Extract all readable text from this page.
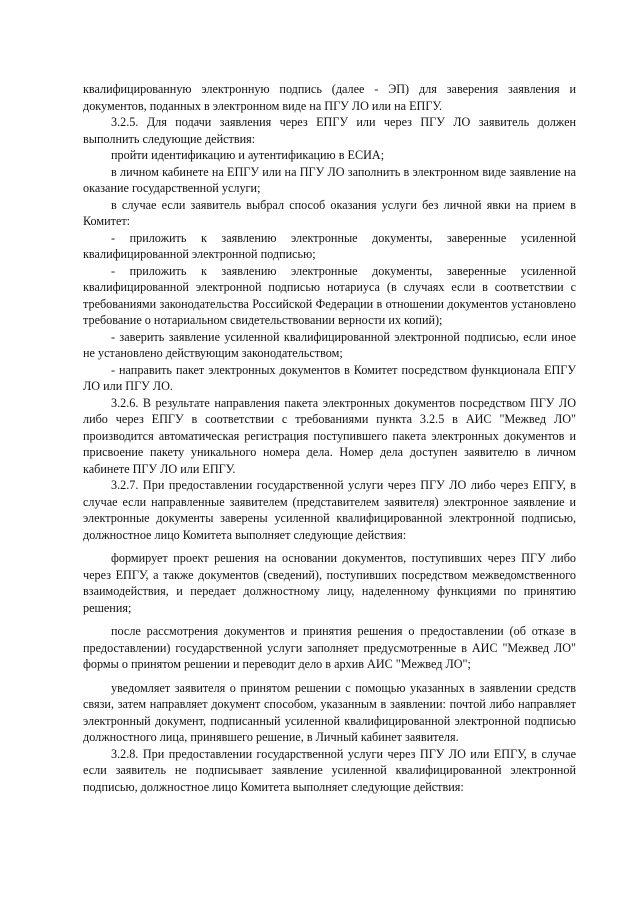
квалифицированную электронную подпись (далее - ЭП) для заверения заявления и документов, поданных в электронном виде на ПГУ ЛО или на ЕПГУ.

3.2.5. Для подачи заявления через ЕПГУ или через ПГУ ЛО заявитель должен выполнить следующие действия:

пройти идентификацию и аутентификацию в ЕСИА;

в личном кабинете на ЕПГУ или на ПГУ ЛО заполнить в электронном виде заявление на оказание государственной услуги;

в случае если заявитель выбрал способ оказания услуги без личной явки на прием в Комитет:

- приложить к заявлению электронные документы, заверенные усиленной квалифицированной электронной подписью;

- приложить к заявлению электронные документы, заверенные усиленной квалифицированной электронной подписью нотариуса (в случаях если в соответствии с требованиями законодательства Российской Федерации в отношении документов установлено требование о нотариальном свидетельствовании верности их копий);

- заверить заявление усиленной квалифицированной электронной подписью, если иное не установлено действующим законодательством;

- направить пакет электронных документов в Комитет посредством функционала ЕПГУ ЛО или ПГУ ЛО.

3.2.6. В результате направления пакета электронных документов посредством ПГУ ЛО либо через ЕПГУ в соответствии с требованиями пункта 3.2.5 в АИС "Межвед ЛО" производится автоматическая регистрация поступившего пакета электронных документов и присвоение пакету уникального номера дела. Номер дела доступен заявителю в личном кабинете ПГУ ЛО или ЕПГУ.

3.2.7. При предоставлении государственной услуги через ПГУ ЛО либо через ЕПГУ, в случае если направленные заявителем (представителем заявителя) электронное заявление и электронные документы заверены усиленной квалифицированной электронной подписью, должностное лицо Комитета выполняет следующие действия:

формирует проект решения на основании документов, поступивших через ПГУ либо через ЕПГУ, а также документов (сведений), поступивших посредством межведомственного взаимодействия, и передает должностному лицу, наделенному функциями по принятию решения;

после рассмотрения документов и принятия решения о предоставлении (об отказе в предоставлении) государственной услуги заполняет предусмотренные в АИС "Межвед ЛО" формы о принятом решении и переводит дело в архив АИС "Межвед ЛО";

уведомляет заявителя о принятом решении с помощью указанных в заявлении средств связи, затем направляет документ способом, указанным в заявлении: почтой либо направляет электронный документ, подписанный усиленной квалифицированной электронной подписью должностного лица, принявшего решение, в Личный кабинет заявителя.

3.2.8. При предоставлении государственной услуги через ПГУ ЛО или ЕПГУ, в случае если заявитель не подписывает заявление усиленной квалифицированной электронной подписью, должностное лицо Комитета выполняет следующие действия:
